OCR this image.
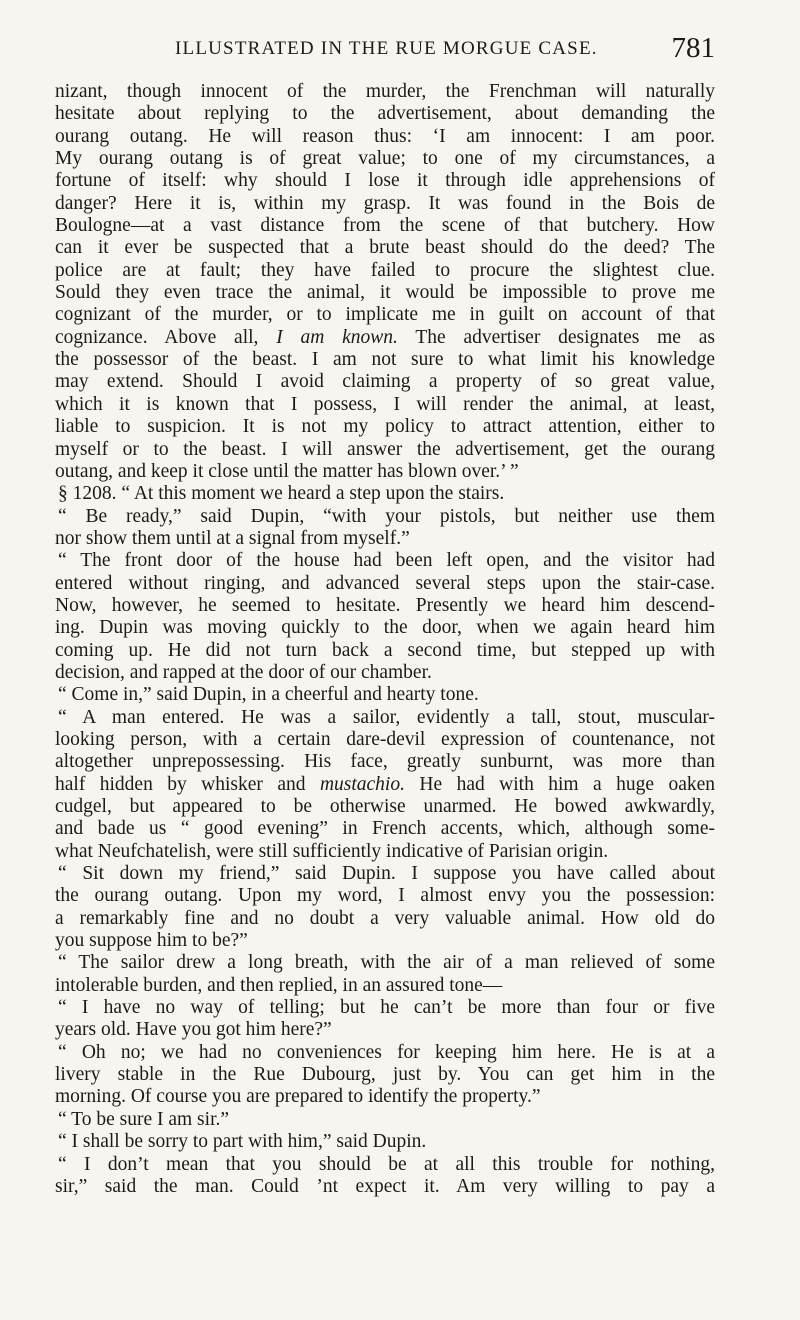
ILLUSTRATED IN THE RUE MORGUE CASE.	781
nizant, though innocent of the murder, the Frenchman will naturally
hesitate about replying to the advertisement, about demanding the
ourang outang. He will reason thus: ‘I am innocent: I am poor.
My ourang outang is of great value; to one of my circumstances, a
fortune of itself: why should I lose it through idle apprehensions of
danger? Here it is, within my grasp. It was found in the Bois de
Boulogne—at a vast distance from the scene of that butchery. How
can it ever be suspected that a brute beast should do the deed? The
police are at fault; they have failed to procure the slightest clue.
Sould they even trace the animal, it would be impossible to prove me
cognizant of the murder, or to implicate me in guilt on account of that
cognizance. Above all, I am known. The advertiser designates me as
the possessor of the beast. I am not sure to what limit his knowledge
may extend. Should I avoid claiming a property of so great value,
which it is known that I possess, I will render the animal, at least,
liable to suspicion. It is not my policy to attract attention, either to
myself or to the beast. I will answer the advertisement, get the ourang
outang, and keep it close until the matter has blown over.’ ”
§ 1208. “ At this moment we heard a step upon the stairs.
“ Be ready,” said Dupin, “with your pistols, but neither use them
nor show them until at a signal from myself.”
“ The front door of the house had been left open, and the visitor had
entered without ringing, and advanced several steps upon the stair-case.
Now, however, he seemed to hesitate. Presently we heard him descend-
ing. Dupin was moving quickly to the door, when we again heard him
coming up. He did not turn back a second time, but stepped up with
decision, and rapped at the door of our chamber.
“ Come in,” said Dupin, in a cheerful and hearty tone.
“ A man entered. He was a sailor, evidently a tall, stout, muscular-
looking person, with a certain dare-devil expression of countenance, not
altogether unprepossessing. His face, greatly sunburnt, was more than
half hidden by whisker and mustachio. He had with him a huge oaken
cudgel, but appeared to be otherwise unarmed. He bowed awkwardly,
and bade us “ good evening” in French accents, which, although some-
what Neufchatelish, were still sufficiently indicative of Parisian origin.
“ Sit down my friend,” said Dupin. I suppose you have called about
the ourang outang. Upon my word, I almost envy you the possession:
a remarkably fine and no doubt a very valuable animal. How old do
you suppose him to be?”
“ The sailor drew a long breath, with the air of a man relieved of some
intolerable burden, and then replied, in an assured tone—
“ I have no way of telling; but he can’t be more than four or five
years old. Have you got him here?”
“ Oh no; we had no conveniences for keeping him here. He is at a
livery stable in the Rue Dubourg, just by. You can get him in the
morning. Of course you are prepared to identify the property.”
“ To be sure I am sir.”
“ I shall be sorry to part with him,” said Dupin.
“ I don’t mean that you should be at all this trouble for nothing,
sir,” said the man. Could ’nt expect it. Am very willing to pay a
